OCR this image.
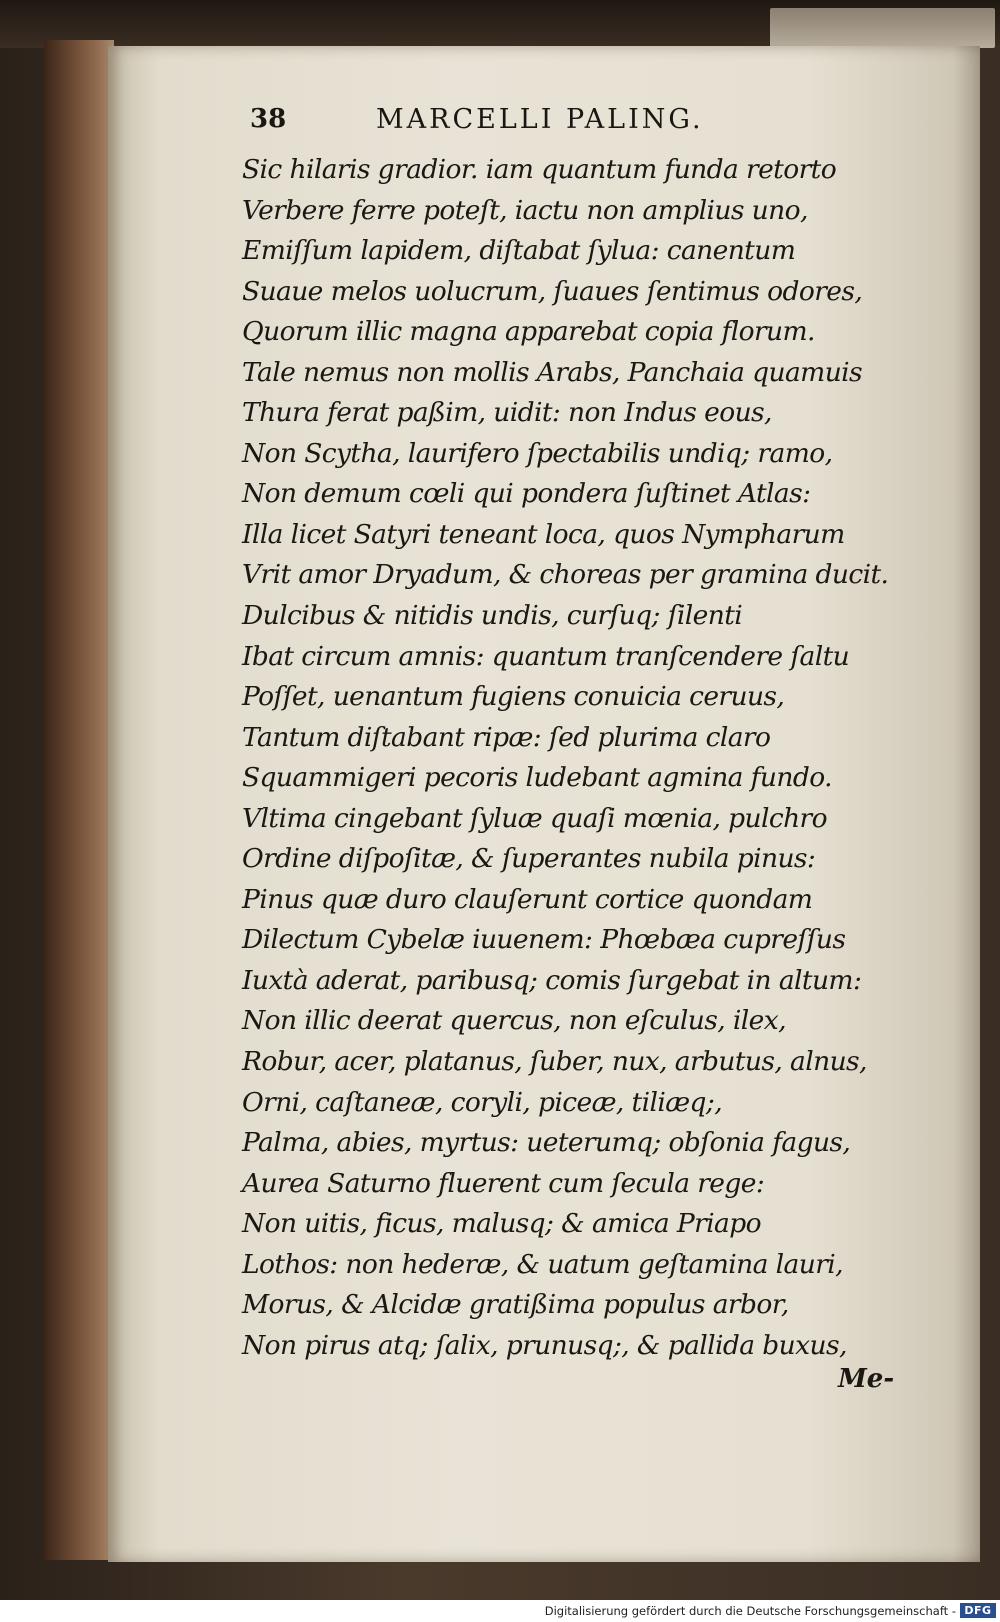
38	MARCELLI PALING.
Sic hilaris gradior. iam quantum funda retorto
Verbere ferre poteſt, iactu non amplius uno,
Emiſſum lapidem, diſtabat ſylua: canentum
Suaue melos uolucrum, ſuaues ſentimus odores,
Quorum illic magna apparebat copia florum.
Tale nemus non mollis Arabs, Panchaia quamuis
Thura ferat paßim, uidit: non Indus eous,
Non Scytha, laurifero ſpectabilis undiq; ramo,
Non demum cœli qui pondera ſuſtinet Atlas:
Illa licet Satyri teneant loca, quos Nympharum
Vrit amor Dryadum, & choreas per gramina ducit.
Dulcibus & nitidis undis, curſuq; ſilenti
Ibat circum amnis: quantum tranſcendere ſaltu
Poſſet, uenantum fugiens conuicia ceruus,
Tantum diſtabant ripæ: ſed plurima claro
Squammigeri pecoris ludebant agmina fundo.
Vltima cingebant ſyluæ quaſi mœnia, pulchro
Ordine diſpoſitæ, & ſuperantes nubila pinus:
Pinus quæ duro clauſerunt cortice quondam
Dilectum Cybelæ iuuenem: Phœbæa cupreſſus
Iuxtà aderat, paribusq; comis ſurgebat in altum:
Non illic deerat quercus, non eſculus, ilex,
Robur, acer, platanus, ſuber, nux, arbutus, alnus,
Orni, caſtaneæ, coryli, piceæ, tiliæq;,
Palma, abies, myrtus: ueterumq; obſonia fagus,
Aurea Saturno fluerent cum ſecula rege:
Non uitis, ficus, malusq; & amica Priapo
Lothos: non hederæ, & uatum geſtamina lauri,
Morus, & Alcidæ gratißima populus arbor,
Non pirus atq; ſalix, prunusq;, & pallida buxus,
Me-
Digitalisierung gefördert durch die Deutsche Forschungsgemeinschaft - DFG
